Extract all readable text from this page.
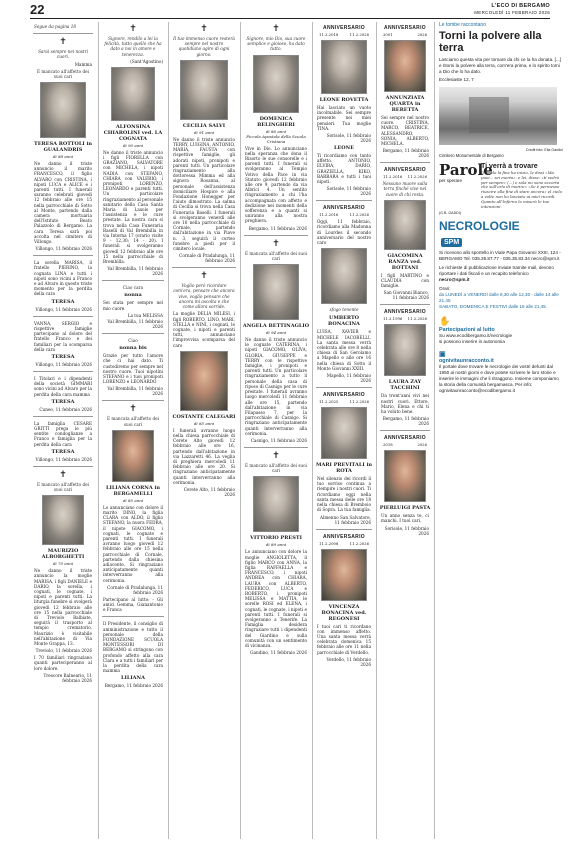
22	L'ECO DI BERGAMO
MERCOLEDÌ 11 FEBBRAIO 2026
Segue da pagina 18
✝
Sarai sempre nei nostri cuori.
Mamma
È mancato all'affetto dei suoi cari
TERESA ROTTOLI in GUALANDRIS
di 88 anni
Ne danno il triste annuncio il marito FRANCESCO, il figlio ALVARO con CRISTINA, i nipoti LUCA e ALICE e i parenti tutti. I funerali saranno celebrati giovedì 12 febbraio alle ore 15 nella parrocchiale di Sotto al Monte, partendo dalla camera mortuaria dell'Istituto Beato Palazzolo di Bergamo. La cara Teresa sarà poi accolta nel cimitero di Villongo.
Villongo, 11 febbraio 2026
La sorella MARISA, il fratello PIERINO, la cognata LINA e tutti i nipoti sono vicini a Franco e ad Alvaro in questo triste momento per la perdita della cara
TERESA
Villongo, 11 febbraio 2026
VANNA, SERGIO e rispettive famiglie partecipano al dolore del fratello Franco e dei familiari per la scomparsa della cara
TERESA
Villongo, 11 febbraio 2026
I Titolari e i dipendenti della società GIMMARI sono vicini ad Alvaro per la perdita della cara mamma
TERESA
Cuneo, 11 febbraio 2026
La famiglia CESARE GRITTI prega le più sentite condoglianze a Franco e famiglia per la perdita della cara
TERESA
Villongo, 11 febbraio 2026
✝
È mancato all'affetto dei suoi cari
MAURIZIO ALBORGHETTI
di 70 anni
Ne danno il triste annuncio la moglie MARISA, i figli DANIELE e DARIO, la sorella, i cognati, le cognate, i nipoti e parenti tutti. La liturgia funebre si svolgerà giovedì 12 febbraio alle ore 15 nella parrocchiale di Treviolo Balbiate, seguirà il trasporto al tempio crematorio. Maurizio è visitabile nell'abitazione di Via Monte Grappa, 13.
Treviolo, 11 febbraio 2026
I 70 familiari ringraziano quanti parteciperanno al loro dolore.
Trescore Balneario, 11 febbraio 2026
✝
Signore, rendilo a lei la felicità, tutto quello che ha dato a noi in amore e tenerezza.
(Sant'Agostino)
ALFONSINA CHIAROLINI ved. LA COGNATA
di 90 anni
Ne danno il triste annuncio i figli FIORELLA con GRAZIANO, SALVATORE con MICHELA, i nipoti NADIA con STEFANO, CHIARA con VALERIO, i pronipoti LORENZO, LEONARDO e parenti tutti. Un particolare ringraziamento al personale sanitario della Casa Santa Maria di Laxolo per l'assistenza e le cure prestate. La nostra cara si trova nella Casa Funeraria Baselli di Val Brembilla in via Interna 17 (orario visite 9 - 12,30; 14 - 20). I funerali si svolgeranno giovedì 12 febbraio alle ore 15 nella parrocchiale di Brembilla.
Val Brembilla, 11 febbraio 2026
Ciao cara
nonna
Sei stata per sempre nel mio cuore.
La tua MELISSA
Val Brembilla, 11 febbraio 2026
Ciao
nonna bis
Grazie per tutto l'amore che ci hai dato. Ti custodiremo per sempre nel nostro cuore. Tuoi nipotini STEFANO e i tuoi pronipoti LORENZO e LEONARDO
Val Brembilla, 11 febbraio 2026
✝
È mancata all'affetto dei suoi cari
LILIANA CORNA in BERGAMELLI
di 85 anni
Lo annunciano con dolore il marito DINO, la figlia CLARA con ALDO, il figlio STEFANO, la nuora FEDRA, il nipote GIACOMO, i cognati, le cognate e parenti tutti. I funerali avranno luogo giovedì 12 febbraio alle ore 15 nella parrocchiale di Cornale, partendo dalla chiesina adiacente. Si ringraziano anticipatamente quanti interverranno alla cerimonia.
Cornale di Pradalunga, 11 febbraio 2026
Partecipano al lutto: - Gli amici Gemma, Gianantonio e Franca
Il Presidente, il consiglio di amministrazione e tutto il personale della FONDAZIONE SCUOLA MONTESSORI DI BERGAMO si stringono con profondo affetto alla cara Clara e a tutti i familiari per la perdita della cara mamma
LILIANA
Bergamo, 11 febbraio 2026
✝
Il tuo immenso cuore resterà sempre nel nostro quotidiano agire di ogni giorno.
CECILIA SALVI
di 91 anni
Ne danno il triste annuncio TERRY, LUIGINA, ANTONIO, MARIA, FAUSTA con rispettive famiglie, gli adorati nipoti, pronipoti e parenti tutti. Un particolare ringraziamento alla dottoressa Mimma ed alla signora Rosanna, al personale dell'assistenza domiciliare Hospice e alla Fondazione Honegger per l'aiuto dimostrato. La salma di Cecilia si trova nella Casa Funeraria Baselli. I funerali si svolgeranno venerdì alle ore 10 nella parrocchiale di Cornale, partendo dall'abitazione in via Piave n. 3, seguirà il corteo funebre a piedi per il cimitero locale.
Cornale di Pradalunga, 11 febbraio 2026
✝
Voglio però ricordare com'era, pensare che ancora vive, voglio pensare che ancora mi ascolta e che come allora sorride.
La moglie DELIA MILESI, i figli ROBERTO, LINO, MARI, STELLA e NINI, i cognati, le cognate, i nipoti e parenti tutti, annunciano l'improvvisa scomparsa del caro
COSTANTE CALEGARI
di 85 anni
I funerali avranno luogo nella chiesa parrocchiale di Cerete Alto giovedì 12 febbraio alle ore 16, partendo dall'abitazione in via Lazzaretti 46. La veglia di preghiera mercoledì 11 febbraio alle ore 20. Si ringraziano anticipatamente quanti interverranno alla cerimonia.
Cerete Alto, 11 febbraio 2026
✝
Signore, mio Dio, sua cuore semplice e gioioso, ha dato tutto.
DOMENICA BELINGHERI
di 86 anni
Piccola Apostola della Scuola Cristiana
Vive in Dio. Lo annunciano nella speranza che dona il Risorto le sue consorelle e i parenti tutti. I funerali si svolgeranno al Tempio Votivo della Pace in via Statuto giovedì 12 febbraio alle ore 9, partendo da via Albrici 4. Un sentito ringraziamento a chi l'ha accompagnata con affetto e dedizione nei momenti della sofferenza e a quanti si uniranno alla nostra preghiera.
Bergamo, 11 febbraio 2026
✝
È mancata all'affetto dei suoi cari
ANGELA BETTINAGLIO
di 94 anni
Ne danno il triste annuncio le cognate CATERINA, i nipoti GIACOMO, OLIVA, GLORIA, GIUSEPPE e TERRY con le rispettive famiglie, i pronipoti e parenti tutti. Un particolare ringraziamento a tutto il personale della casa di riposo di Casnigo per le cure prestate. I funerali avranno luogo mercoledì 11 febbraio alle ore 15, partendo dall'abitazione in via Filapasso 7, per la parrocchiale di Casnigo. Si ringraziano anticipatamente quanti interverranno alla cerimonia.
Casnigo, 11 febbraio 2026
✝
È mancato all'affetto dei suoi cari
VITTORIO PRESTI
di 89 anni
Lo annunciano con dolore la moglie ANGIOLETTA, il figlio MARCO con ANNA, la figlia RAFFAELLA e FRANCESCO, i nipoti ANDREA con CHIARA, LAURA con ALBERTO, FEDERICO, LUCA e ROBERTO, i pronipoti MELISSA e MATTIA, le sorelle ROSI ed ELENA, i cognati, le cognate, i nipoti e parenti tutti. I funerali si svolgeranno a Tenerife. La Famiglia desidera ringraziare tutti i dipendenti del Giardino e sulla comunità con un sentimento di vicinanza.
Gandino, 11 febbraio 2026
ANNIVERSARIO
11.2.2018	11.2.2026
LEONE ROVETTA
Hai lasciato un vuoto incolmabile. Sei sempre presente nei miei pensieri. Tua moglie TINA.
Sorisole, 11 febbraio 2026
LEONE
Ti ricordiamo con tanto affetto. ANTONIO, ELVIRA, DARIO, GRAZIELLA, KIKO, BARBARA e tutti i tuoi nipoti.
Sorisole, 11 febbraio 2026
ANNIVERSARIO
11.2.2016	11.2.2026
Oggi, 11 febbraio, ricordiamo alla Madonna di Lourdes il secondo anniversario del nostro caro
sfogo tenente
UMBERTO BONACINA
LUISA, XAVIER e MICHELE IACOBELLI. La santa messa verrà celebrata alle ore 8 nella chiesa di San Gerolamo a Mapello e alle ore 16 nella chiesa di Sotto il Monte Giovanni XXIII.
Mapello, 11 febbraio 2026
ANNIVERSARIO
11.2.2025	11.2.2026
MARI PREVITALI in ROTA
Nel silenzio dei ricordi il tuo sorriso continua a riempire i nostri cuori. Ti ricordiamo oggi nella santa messa delle ore 18 nella chiesa di Bremboio di Sopra. La tua famiglia.
Almenno San Salvatore, 11 febbraio 2026
ANNIVERSARIO
11.2.2008	11.2.2026
VINCENZA BONACINA ved. REGONESI
I tuoi cari ti ricordano con immenso affetto. Una santa messa verrà celebrata domenica 15 febbraio alle ore 11 nella parrocchiale di Verdello.
Verdello, 11 febbraio 2026
ANNIVERSARIO
2001	2026
ANNUNZIATA QUARTA in BERETTA
Sei sempre nel nostro cuore. CRISTINA, MARCO, BEATRICE, ALESSANDRO, SONIA, ALBERTO, MICHELA.
Bergamo, 11 febbraio 2026
ANNIVERSARIO
11.2.2016 11.2.2026
Nessuno muore sulla terra finché vive nel cuore di chi resta.
GIACOMINA RANZA ved. BOTTANI
I figli MARTINO e CLAUDIA con famiglie.
San Giovanni Bianco, 11 febbraio 2026
ANNIVERSARIO
11.2.1996 11.2.2026
LAURA ZAY TACCHINI
Da trent'anni vivi nei nostri cuori. Ettore, Mario, Elena e chi ti ha voluto bene.
Bergamo, 11 febbraio 2026
ANNIVERSARIO
2018	2026
PIERLUIGI PASTA
Un anno senza te, ci manchi. I tuoi cari.
Sorisole, 11 febbraio 2026
Le tombe raccontano
Torni la polvere alla terra
Lasciamo questa vita per tornare da chi ce la ha donata. [...] e ritorni la polvere alla terra, com'era prima, e lo spirito torni a Dio che lo ha dato.
Ecclesiaste 12, 7
Credit foto: Ella Gardini
Cimitero Monumentale di Bergamo
Parole
per sperare
Ti verrà a trovare
Quando la fine ha inizio, le dissi «Ma puoi... sei morta», e lei, disse: «ti vedrò per sempre» (...) e sola mi sono accorta che sull'orlo di morire» «Se è permesso riuscire alla fine di stare ancora» el cielo a volte non ho lasciato ai miei ricordi. Quanto all'Inferno lo misurò le tue intenzioni.
(G.B. GADDI)
NECROLOGIE
SPM
Si ricevono allo sportello in Viale Papa Giovanni XXIII, 124 - BERGAMO Tel. 035.35.87.77 - 035.35.83.34 necro@spm.it
Le richieste di pubblicazione inviate tramite mail, devono riportare i dati fiscali e un recapito telefonico
necro@spm.it
Orari:
da LUNEDÌ a VENERDÌ dalle 8,30 alle 12,30 - dalle 14 alle 21,45
SABATO, DOMENICA E FESTIVI dalle 16 alle 21,45
✋
Partecipazioni al lutto
Su www.ecodibergamo.it/necrologie
si possono inserire in autonomia
▣
ognivitaunracconto.it
Il portale dove trovare le necrologie dei vostri defunti dal 1950 ai nostri giorni e dove potete scrivere le loro storie e inserire le immagini che li ritraggono. Insieme componiamo la storia della comunità bergamasca. Per info: ognivitaunracconto@ecodibergamo.it
